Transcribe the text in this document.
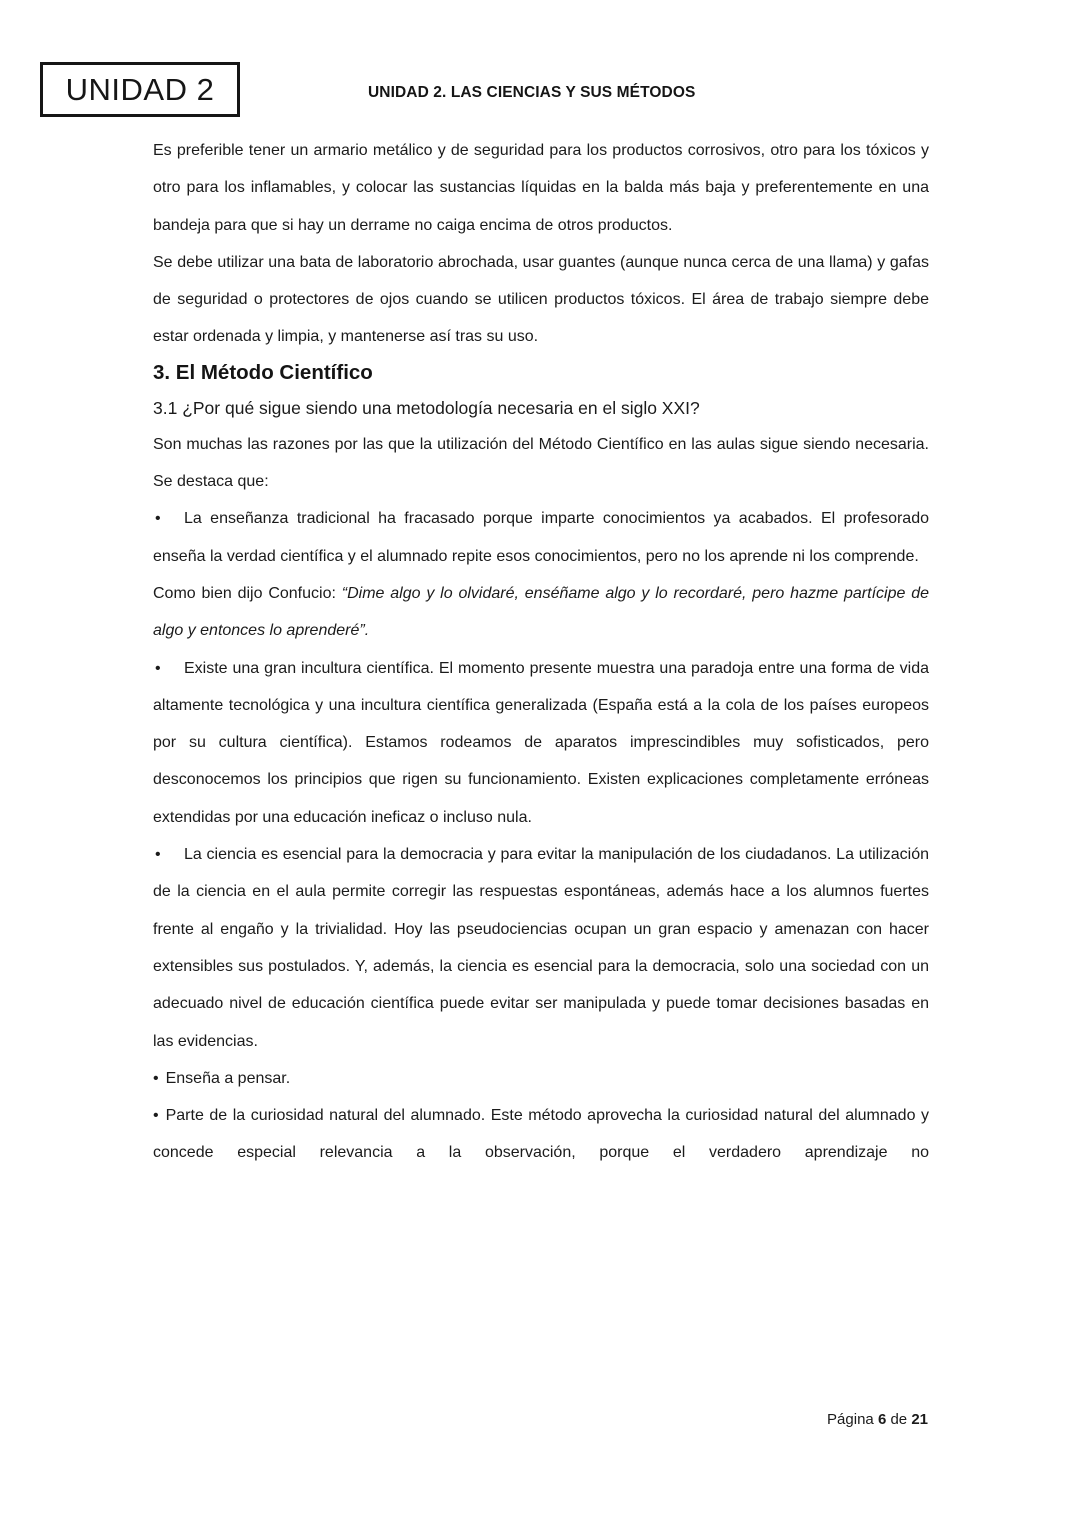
UNIDAD 2	UNIDAD 2. LAS CIENCIAS Y SUS MÉTODOS

Es preferible tener un armario metálico y de seguridad para los productos corrosivos, otro para los tóxicos y otro para los inflamables, y colocar las sustancias líquidas en la balda más baja y preferentemente en una bandeja para que si hay un derrame no caiga encima de otros productos.

Se debe utilizar una bata de laboratorio abrochada, usar guantes (aunque nunca cerca de una llama) y gafas de seguridad o protectores de ojos cuando se utilicen productos tóxicos. El área de trabajo siempre debe estar ordenada y limpia, y mantenerse así tras su uso.

3. El Método Científico

3.1 ¿Por qué sigue siendo una metodología necesaria en el siglo XXI?

Son muchas las razones por las que la utilización del Método Científico en las aulas sigue siendo necesaria. Se destaca que:

• La enseñanza tradicional ha fracasado porque imparte conocimientos ya acabados. El profesorado enseña la verdad científica y el alumnado repite esos conocimientos, pero no los aprende ni los comprende.

Como bien dijo Confucio: “Dime algo y lo olvidaré, enséñame algo y lo recordaré, pero hazme partícipe de algo y entonces lo aprenderé”.

• Existe una gran incultura científica. El momento presente muestra una paradoja entre una forma de vida altamente tecnológica y una incultura científica generalizada (España está a la cola de los países europeos por su cultura científica). Estamos rodeamos de aparatos imprescindibles muy sofisticados, pero desconocemos los principios que rigen su funcionamiento. Existen explicaciones completamente erróneas extendidas por una educación ineficaz o incluso nula.

• La ciencia es esencial para la democracia y para evitar la manipulación de los ciudadanos. La utilización de la ciencia en el aula permite corregir las respuestas espontáneas, además hace a los alumnos fuertes frente al engaño y la trivialidad. Hoy las pseudociencias ocupan un gran espacio y amenazan con hacer extensibles sus postulados. Y, además, la ciencia es esencial para la democracia, solo una sociedad con un adecuado nivel de educación científica puede evitar ser manipulada y puede tomar decisiones basadas en las evidencias.

• Enseña a pensar.

• Parte de la curiosidad natural del alumnado. Este método aprovecha la curiosidad natural del alumnado y concede especial relevancia a la observación, porque el verdadero aprendizaje no

Página 6 de 21
